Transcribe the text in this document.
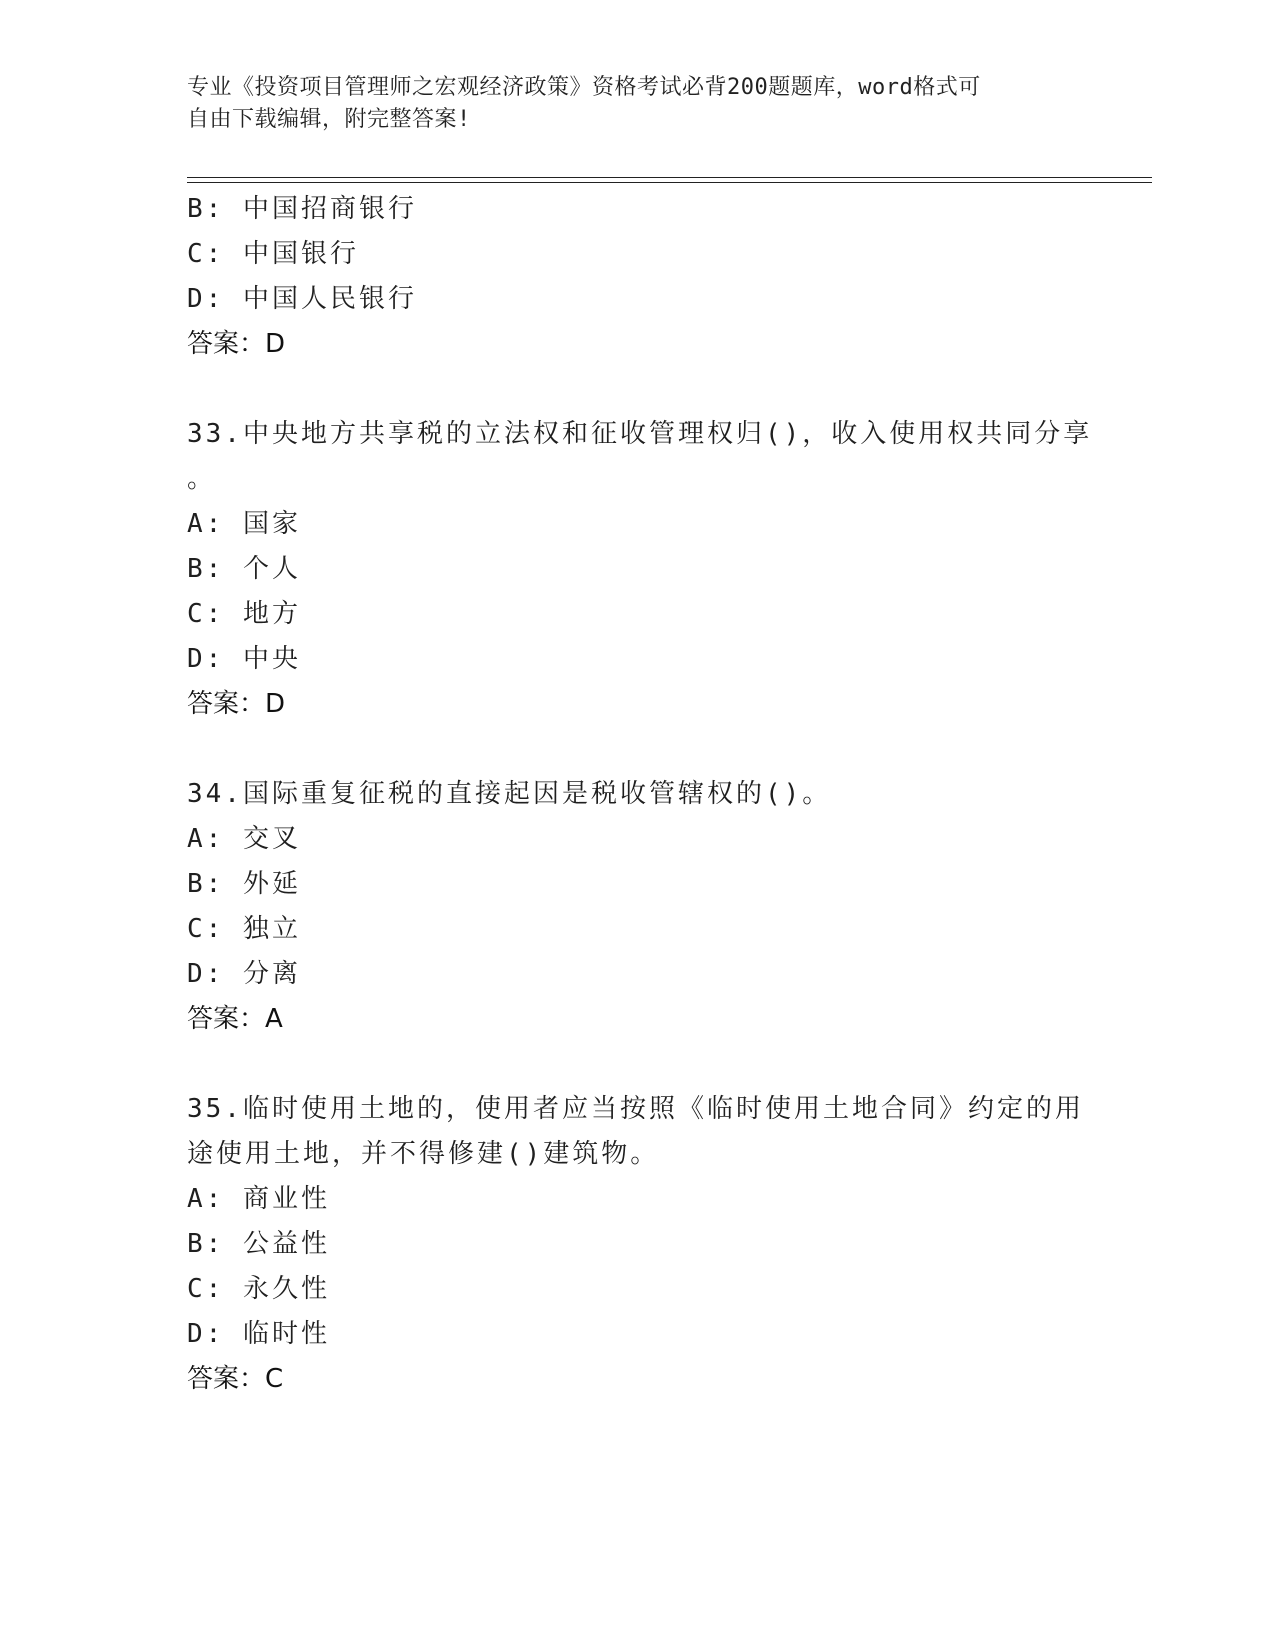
专业《投资项目管理师之宏观经济政策》资格考试必背200题题库，word格式可
自由下载编辑，附完整答案!
B: 中国招商银行
C: 中国银行
D: 中国人民银行
答案：D
33.中央地方共享税的立法权和征收管理权归()，收入使用权共同分享
。
A: 国家
B: 个人
C: 地方
D: 中央
答案：D
34.国际重复征税的直接起因是税收管辖权的()。
A: 交叉
B: 外延
C: 独立
D: 分离
答案：A
35.临时使用土地的，使用者应当按照《临时使用土地合同》约定的用
途使用土地，并不得修建()建筑物。
A: 商业性
B: 公益性
C: 永久性
D: 临时性
答案：C
